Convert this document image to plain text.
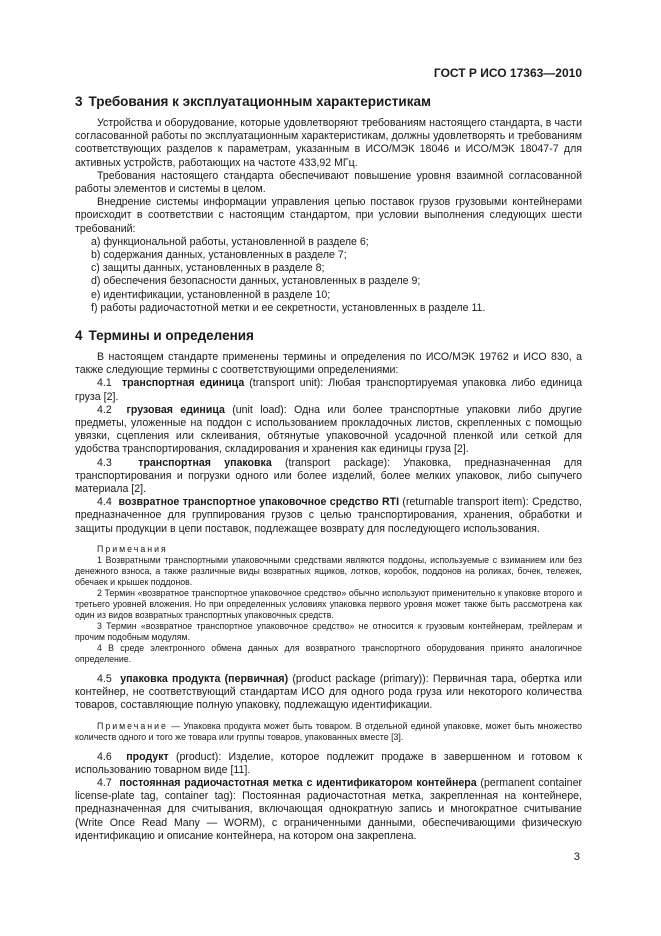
ГОСТ Р ИСО 17363—2010
3 Требования к эксплуатационным характеристикам

Устройства и оборудование, которые удовлетворяют требованиям настоящего стандарта, в части согласованной работы по эксплуатационным характеристикам, должны удовлетворять и требованиям соответствующих разделов к параметрам, указанным в ИСО/МЭК 18046 и ИСО/МЭК 18047-7 для активных устройств, работающих на частоте 433,92 МГц.

Требования настоящего стандарта обеспечивают повышение уровня взаимной согласованной работы элементов и системы в целом.

Внедрение системы информации управления цепью поставок грузов грузовыми контейнерами происходит в соответствии с настоящим стандартом, при условии выполнения следующих шести требований:

a) функциональной работы, установленной в разделе 6;
b) содержания данных, установленных в разделе 7;
c) защиты данных, установленных в разделе 8;
d) обеспечения безопасности данных, установленных в разделе 9;
e) идентификации, установленной в разделе 10;
f) работы радиочастотной метки и ее секретности, установленных в разделе 11.
4 Термины и определения

В настоящем стандарте применены термины и определения по ИСО/МЭК 19762 и ИСО 830, а также следующие термины с соответствующими определениями:

4.1 транспортная единица (transport unit): Любая транспортируемая упаковка либо единица груза [2].

4.2 грузовая единица (unit load): Одна или более транспортные упаковки либо другие предметы, уложенные на поддон с использованием прокладочных листов, скрепленных с помощью увязки, сцепления или склеивания, обтянутые упаковочной усадочной пленкой или сеткой для удобства транспортирования, складирования и хранения как единицы груза [2].

4.3	транспортная упаковка (transport package): Упаковка, предназначенная для транспортирования и погрузки одного или более изделий, более мелких упаковок, либо сыпучего материала [2].

4.4 возвратное транспортное упаковочное средство RTI (returnable transport item): Средство, предназначенное для группирования грузов с целью транспортирования, хранения, обработки и защиты продукции в цепи поставок, подлежащее возврату для последующего использования.

Примечания

1 Возвратными транспортными упаковочными средствами являются поддоны, используемые с взиманием или без денежного взноса, а также различные виды возвратных ящиков, лотков, коробок, поддонов на роликах, бочек, тележек, обечаек и крышек поддонов.

2 Термин «возвратное транспортное упаковочное средство» обычно используют применительно к упаковке второго и третьего уровней вложения. Но при определенных условиях упаковка первого уровня может также быть рассмотрена как один из видов возвратных транспортных упаковочных средств.

3 Термин «возвратное транспортное упаковочное средство» не относится к грузовым контейнерам, трейлерам и прочим подобным модулям.

4 В среде электронного обмена данных для возвратного транспортного оборудования принято аналогичное определение.

4.5 упаковка продукта (первичная) (product package (primary)): Первичная тара, обертка или контейнер, не соответствующий стандартам ИСО для одного рода груза или некоторого количества товаров, составляющие полную упаковку, подлежащую идентификации.

Примечание — Упаковка продукта может быть товаром. В отдельной единой упаковке, может быть множество количеств одного и того же товара или группы товаров, упакованных вместе [3].

4.6 продукт (product): Изделие, которое подлежит продаже в завершенном и готовом к использованию товарном виде [11].

4.7 постоянная радиочастотная метка с идентификатором контейнера (permanent container license-plate tag, container tag): Постоянная радиочастотная метка, закрепленная на контейнере, предназначенная для считывания, включающая однократную запись и многократное считывание (Write Once Read Many — WORM), с ограниченными данными, обеспечивающими физическую идентификацию и описание контейнера, на котором она закреплена.

3
